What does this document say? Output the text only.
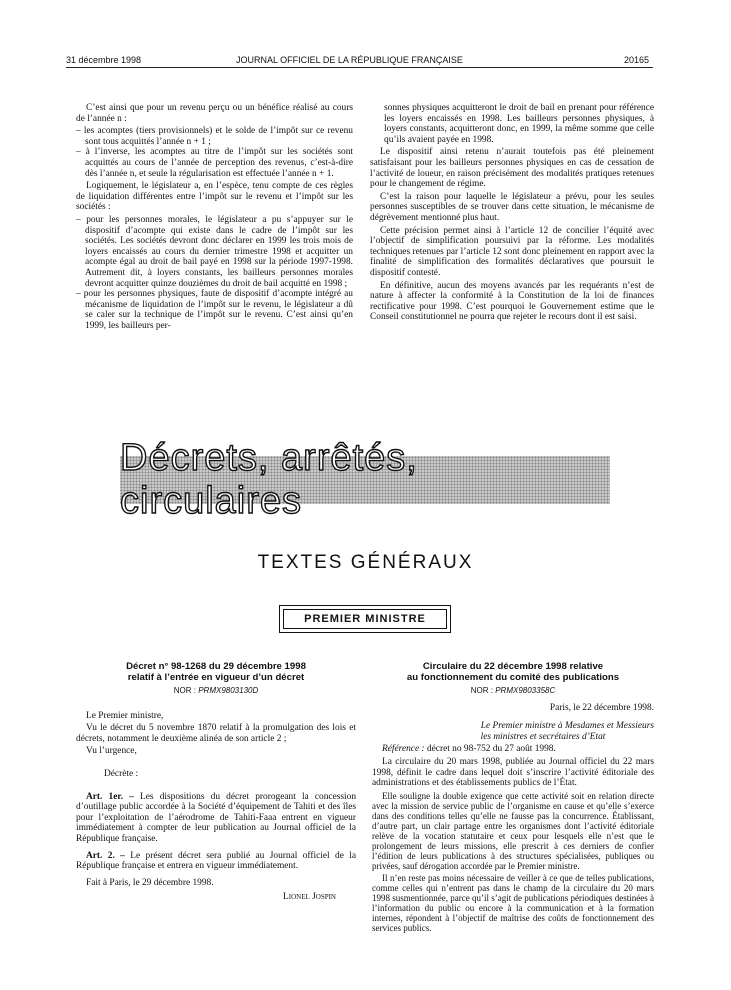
31 décembre 1998	JOURNAL OFFICIEL DE LA RÉPUBLIQUE FRANÇAISE	20165

C’est ainsi que pour un revenu perçu ou un bénéfice réalisé au cours de l’année n :

– les acomptes (tiers provisionnels) et le solde de l’impôt sur ce revenu sont tous acquittés l’année n + 1 ;
– à l’inverse, les acomptes au titre de l’impôt sur les sociétés sont acquittés au cours de l’année de perception des revenus, c’est-à-dire dès l’année n, et seule la régularisation est effectuée l’année n + 1.

Logiquement, le législateur a, en l’espèce, tenu compte de ces règles de liquidation différentes entre l’impôt sur le revenu et l’impôt sur les sociétés :

– pour les personnes morales, le législateur a pu s’appuyer sur le dispositif d’acompte qui existe dans le cadre de l’impôt sur les sociétés. Les sociétés devront donc déclarer en 1999 les trois mois de loyers encaissés au cours du dernier trimestre 1998 et acquitter un acompte égal au droit de bail payé en 1998 sur la période 1997-1998. Autrement dit, à loyers constants, les bailleurs personnes morales devront acquitter quinze douzièmes du droit de bail acquitté en 1998 ;
– pour les personnes physiques, faute de dispositif d’acompte intégré au mécanisme de liquidation de l’impôt sur le revenu, le législateur a dû se caler sur la technique de l’impôt sur le revenu. C’est ainsi qu’en 1999, les bailleurs per-

sonnes physiques acquitteront le droit de bail en prenant pour référence les loyers encaissés en 1998. Les bailleurs personnes physiques, à loyers constants, acquitteront donc, en 1999, la même somme que celle qu’ils avaient payée en 1998.

Le dispositif ainsi retenu n’aurait toutefois pas été pleinement satisfaisant pour les bailleurs personnes physiques en cas de cessation de l’activité de loueur, en raison précisément des modalités pratiques retenues pour le changement de régime.

C’est la raison pour laquelle le législateur a prévu, pour les seules personnes susceptibles de se trouver dans cette situation, le mécanisme de dégrèvement mentionné plus haut.

Cette précision permet ainsi à l’article 12 de concilier l’équité avec l’objectif de simplification poursuivi par la réforme. Les modalités techniques retenues par l’article 12 sont donc pleinement en rapport avec la finalité de simplification des formalités déclaratives que poursuit le dispositif contesté.

En définitive, aucun des moyens avancés par les requérants n’est de nature à affecter la conformité à la Constitution de la loi de finances rectificative pour 1998. C’est pourquoi le Gouvernement estime que le Conseil constitutionnel ne pourra que rejeter le recours dont il est saisi.

Décrets, arrêtés, circulaires
TEXTES GÉNÉRAUX
PREMIER MINISTRE
Décret n° 98-1268 du 29 décembre 1998
relatif à l’entrée en vigueur d’un décret
NOR : PRMX9803130D

Le Premier ministre,

Vu le décret du 5 novembre 1870 relatif à la promulgation des lois et décrets, notamment le deuxième alinéa de son article 2 ;

Vu l’urgence,

Décrète :

Art. 1er. – Les dispositions du décret prorogeant la concession d’outillage public accordée à la Société d’équipement de Tahiti et des îles pour l’exploitation de l’aérodrome de Tahiti-Faaa entrent en vigueur immédiatement à compter de leur publication au Journal officiel de la République française.

Art. 2. – Le présent décret sera publié au Journal officiel de la République française et entrera en vigueur immédiatement.

Fait à Paris, le 29 décembre 1998.

Lionel Jospin
Circulaire du 22 décembre 1998 relative
au fonctionnement du comité des publications
NOR : PRMX9803358C
Paris, le 22 décembre 1998.
Le Premier ministre à Mesdames et Messieurs
les ministres et secrétaires d’Etat

Référence : décret no 98-752 du 27 août 1998.

La circulaire du 20 mars 1998, publiée au Journal officiel du 22 mars 1998, définit le cadre dans lequel doit s’inscrire l’activité éditoriale des administrations et des établissements publics de l’État.

Elle souligne la double exigence que cette activité soit en relation directe avec la mission de service public de l’organisme en cause et qu’elle s’exerce dans des conditions telles qu’elle ne fausse pas la concurrence. Établissant, d’autre part, un clair partage entre les organismes dont l’activité éditoriale relève de la vocation statutaire et ceux pour lesquels elle n’est que le prolongement de leurs missions, elle prescrit à ces derniers de confier l’édition de leurs publications à des structures spécialisées, publiques ou privées, sauf dérogation accordée par le Premier ministre.

Il n’en reste pas moins nécessaire de veiller à ce que de telles publications, comme celles qui n’entrent pas dans le champ de la circulaire du 20 mars 1998 susmentionnée, parce qu’il s’agit de publications périodiques destinées à l’information du public ou encore à la communication et à la formation internes, répondent à l’objectif de maîtrise des coûts de fonctionnement des services publics.
